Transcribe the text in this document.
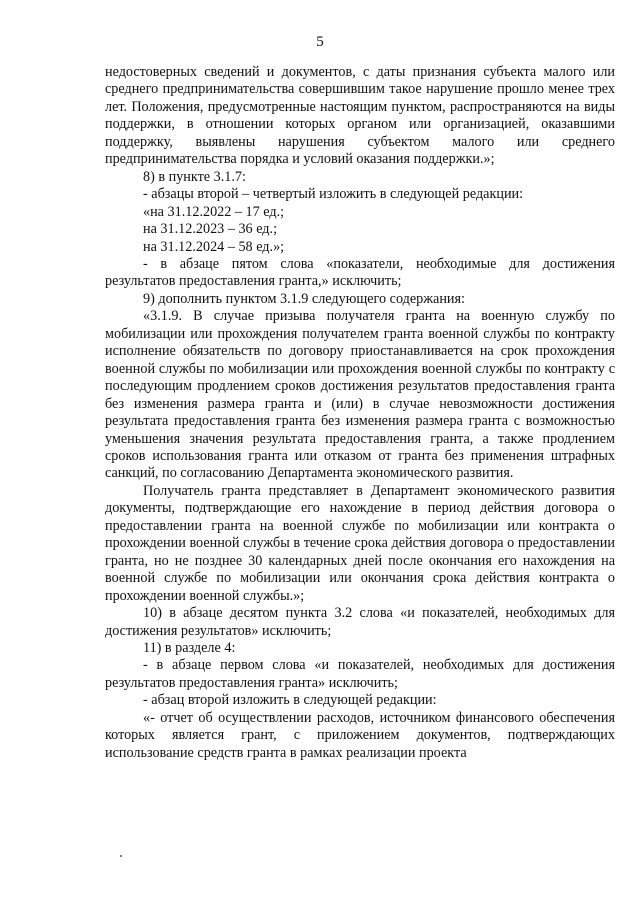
5

недостоверных сведений и документов, с даты признания субъекта малого или среднего предпринимательства совершившим такое нарушение прошло менее трех лет. Положения, предусмотренные настоящим пунктом, распространяются на виды поддержки, в отношении которых органом или организацией, оказавшими поддержку, выявлены нарушения субъектом малого или среднего предпринимательства порядка и условий оказания поддержки.»;

8) в пункте 3.1.7:

- абзацы второй – четвертый изложить в следующей редакции:

«на 31.12.2022 – 17 ед.;

на 31.12.2023 – 36 ед.;

на 31.12.2024 – 58 ед.»;

- в абзаце пятом слова «показатели, необходимые для достижения результатов предоставления гранта,» исключить;

9) дополнить пунктом 3.1.9 следующего содержания:

«3.1.9. В случае призыва получателя гранта на военную службу по мобилизации или прохождения получателем гранта военной службы по контракту исполнение обязательств по договору приостанавливается на срок прохождения военной службы по мобилизации или прохождения военной службы по контракту с последующим продлением сроков достижения результатов предоставления гранта без изменения размера гранта и (или) в случае невозможности достижения результата предоставления гранта без изменения размера гранта с возможностью уменьшения значения результата предоставления гранта, а также продлением сроков использования гранта или отказом от гранта без применения штрафных санкций, по согласованию Департамента экономического развития.

Получатель гранта представляет в Департамент экономического развития документы, подтверждающие его нахождение в период действия договора о предоставлении гранта на военной службе по мобилизации или контракта о прохождении военной службы в течение срока действия договора о предоставлении гранта, но не позднее 30 календарных дней после окончания его нахождения на военной службе по мобилизации или окончания срока действия контракта о прохождении военной службы.»;

10) в абзаце десятом пункта 3.2 слова «и показателей, необходимых для достижения результатов» исключить;

11) в разделе 4:

- в абзаце первом слова «и показателей, необходимых для достижения результатов предоставления гранта» исключить;

- абзац второй изложить в следующей редакции:

«- отчет об осуществлении расходов, источником финансового обеспечения которых является грант, с приложением документов, подтверждающих использование средств гранта в рамках реализации проекта
